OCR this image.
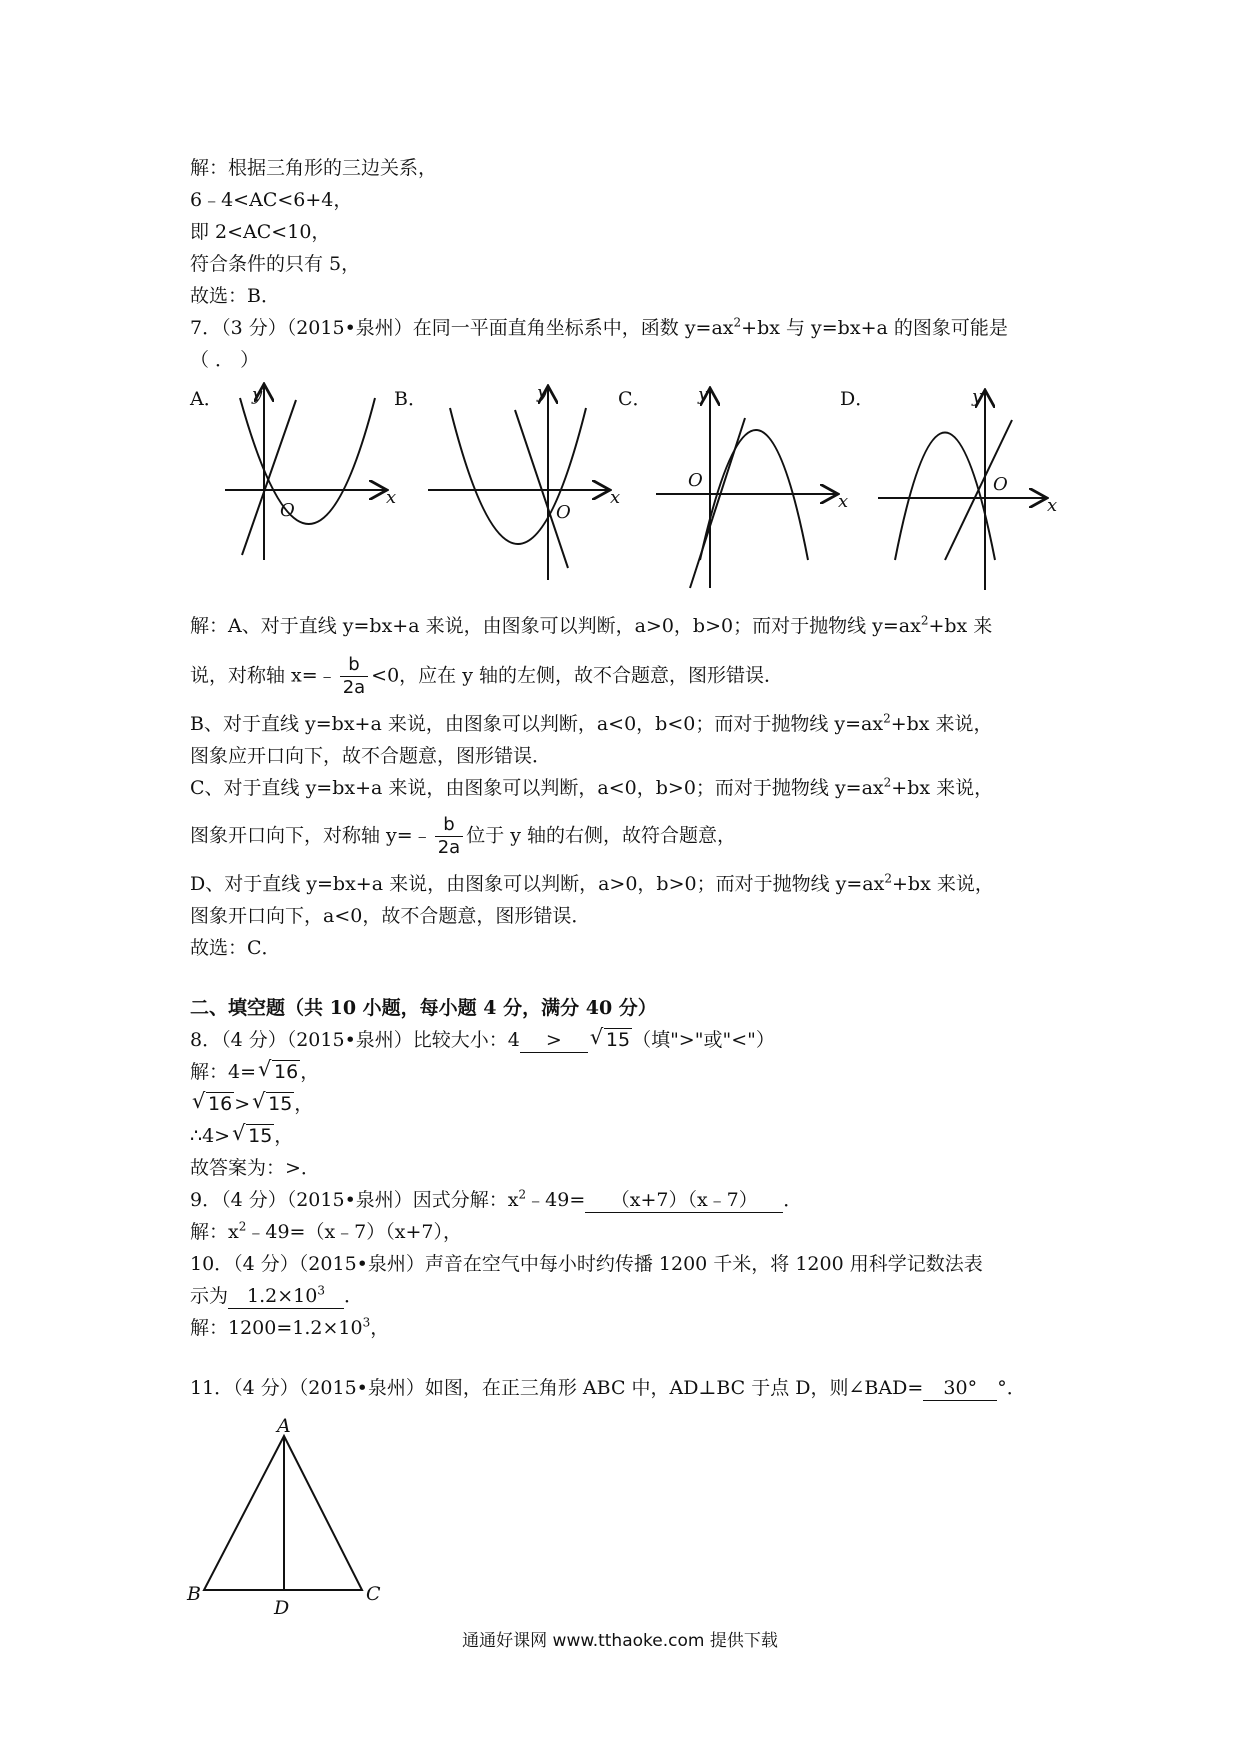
解：根据三角形的三边关系，
6﹣4<AC<6+4，
即 2<AC<10，
符合条件的只有 5，
故选：B．
7．（3 分）（2015•泉州）在同一平面直角坐标系中，函数 $y=ax^2+bx$ 与 y=bx+a 的图象可能是
（ ． ）
A．	B．	C．	D．
y
x
O
y
x
O
y
x
O
y
x
O
A
B	C
D
解：A、对于直线 y=bx+a 来说，由图象可以判断，a>0，b>0；而对于抛物线 $y=ax^2+bx$ 来
说，对称轴 x=﹣ $\frac{b}{2a} <0$，应在 y 轴的左侧，故不合题意，图形错误．
B、对于直线 y=bx+a 来说，由图象可以判断，a<0，b<0；而对于抛物线 $y=ax^2+bx$ 来说，
图象应开口向下，故不合题意，图形错误．
C、对于直线 y=bx+a 来说，由图象可以判断，a<0，b>0；而对于抛物线 $y=ax^2+bx$ 来说，
图象开口向下，对称轴 y=﹣ $\frac{b}{2a}$ 位于 y 轴的右侧，故符合题意，
D、对于直线 y=bx+a 来说，由图象可以判断，a>0，b>0；而对于抛物线 $y=ax^2+bx$ 来说，
图象开口向下，a<0，故不合题意，图形错误．
故选：C．
二、填空题（共 10 小题，每小题 4 分，满分 40 分）
8．（4 分）（2015•泉州）比较大小：4 > √ 15 （填">"或"<"）
解：4= √ 16 ，
√ 16 > √ 15 ，
∴4> √ 15 ，
故答案为：>．
9．（4 分）（2015•泉州）因式分解：$x^2﹣49=$ （x+7）（x﹣7） ．
解：$x^2﹣49=(x﹣7)(x+7)$，
10．（4 分）（2015•泉州）声音在空气中每小时约传播 1200 千米，将 1200 用科学记数法表
示为 $1.2\times 10^3$ ．
解：$1200=1.2\times 10^3$，
11．（4 分）（2015•泉州）如图，在正三角形 ABC 中，AD⊥BC 于点 D，则∠BAD= 30° °．
通通好课网 www.tthaoke.com 提供下载
